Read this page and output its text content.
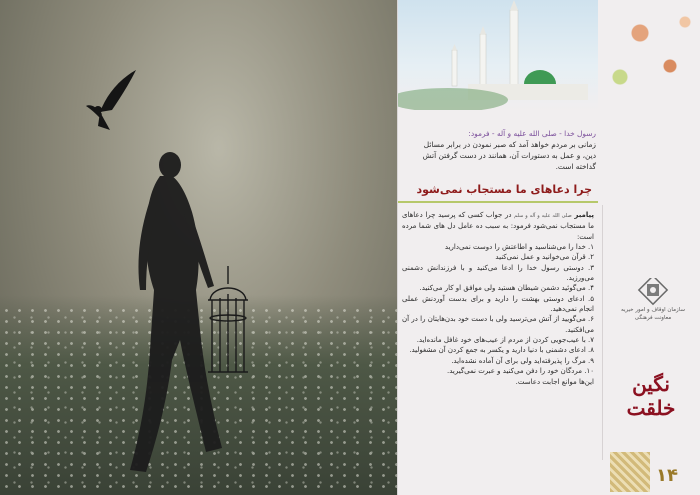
رسول خدا - صلی الله علیه و آله - فرمود:
زمانی بر مردم خواهد آمد که صبر نمودن در برابر مسائل دین، و عمل به دستورات آن، همانند در دست گرفتن آتش گداخته است.
چرا دعاهای ما مستجاب نمی‌شود

پیامبر صلی الله علیه و آله و سلم در جواب کسی که پرسید چرا دعاهای ما مستجاب نمی‌شود فرمود: به سبب ده عامل دل های شما مرده است:

۱. خدا را می‌شناسید و اطاعتش را دوست نمی‌دارید

۲. قرآن می‌خوانید و عمل نمی‌کنید

۳. دوستی رسول خدا را ادعا می‌کنید و با فرزندانش دشمنی می‌ورزید.

۴. می‌گوئید دشمن شیطان هستید ولی موافق او کار می‌کنید.

۵. ادعای دوستی بهشت را دارید و برای بدست آوردنش عملی انجام نمی‌دهید.

۶. می‌گویید از آتش می‌ترسید ولی با دست خود بدن‌هایتان را در آن می‌افکنید.

۷. با عیب‌جویی کردن از مردم از عیب‌های خود غافل مانده‌اید.

۸. ادعای دشمنی با دنیا دارید و یکسر به جمع کردن آن مشغولید.

۹. مرگ را پذیرفته‌اید ولی برای آن آماده نشده‌اید.

۱۰. مردگان خود را دفن می‌کنید و عبرت نمی‌گیرید.

این‌ها موانع اجابت دعاست.

سازمان اوقاف و امور خیریه
معاونت فرهنگی
نگین
خلقت
۱۴
